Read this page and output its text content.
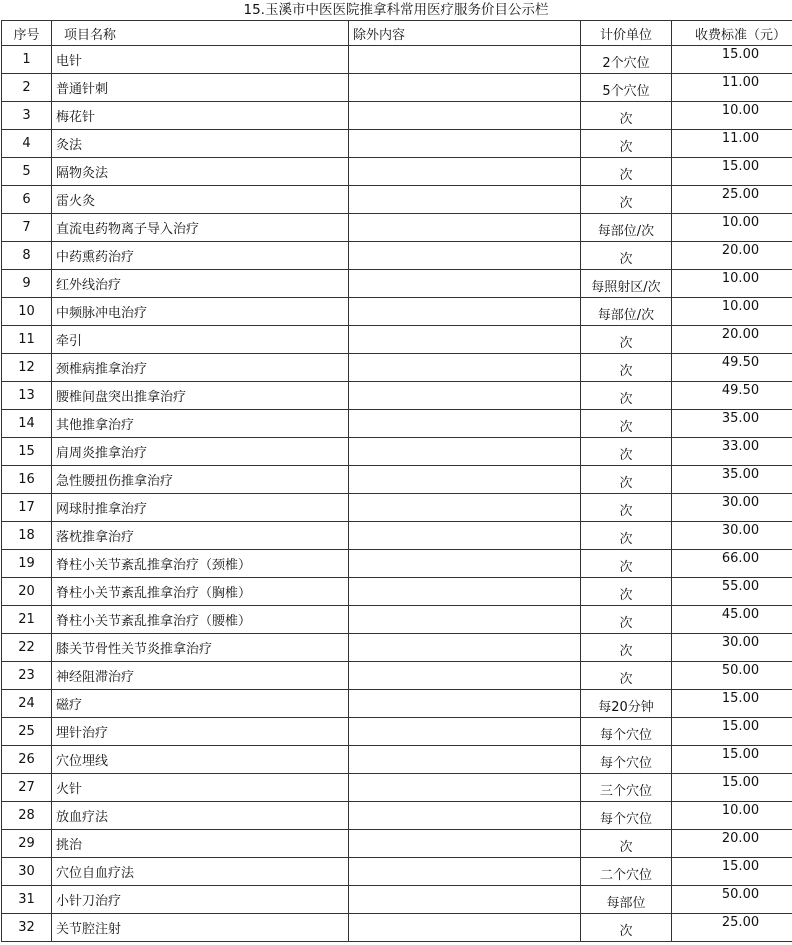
15.玉溪市中医医院推拿科常用医疗服务价目公示栏
序号	项目名称	除外内容	计价单位	收费标准（元）
1	电针		2个穴位	15.00
2	普通针刺		5个穴位	11.00
3	梅花针		次	10.00
4	灸法		次	11.00
5	隔物灸法		次	15.00
6	雷火灸		次	25.00
7	直流电药物离子导入治疗		每部位/次	10.00
8	中药熏药治疗		次	20.00
9	红外线治疗		每照射区/次	10.00
10	中频脉冲电治疗		每部位/次	10.00
11	牵引		次	20.00
12	颈椎病推拿治疗		次	49.50
13	腰椎间盘突出推拿治疗		次	49.50
14	其他推拿治疗		次	35.00
15	肩周炎推拿治疗		次	33.00
16	急性腰扭伤推拿治疗		次	35.00
17	网球肘推拿治疗		次	30.00
18	落枕推拿治疗		次	30.00
19	脊柱小关节紊乱推拿治疗（颈椎）		次	66.00
20	脊柱小关节紊乱推拿治疗（胸椎）		次	55.00
21	脊柱小关节紊乱推拿治疗（腰椎）		次	45.00
22	膝关节骨性关节炎推拿治疗		次	30.00
23	神经阻滞治疗		次	50.00
24	磁疗		每20分钟	15.00
25	埋针治疗		每个穴位	15.00
26	穴位埋线		每个穴位	15.00
27	火针		三个穴位	15.00
28	放血疗法		每个穴位	10.00
29	挑治		次	20.00
30	穴位自血疗法		二个穴位	15.00
31	小针刀治疗		每部位	50.00
32	关节腔注射		次	25.00
